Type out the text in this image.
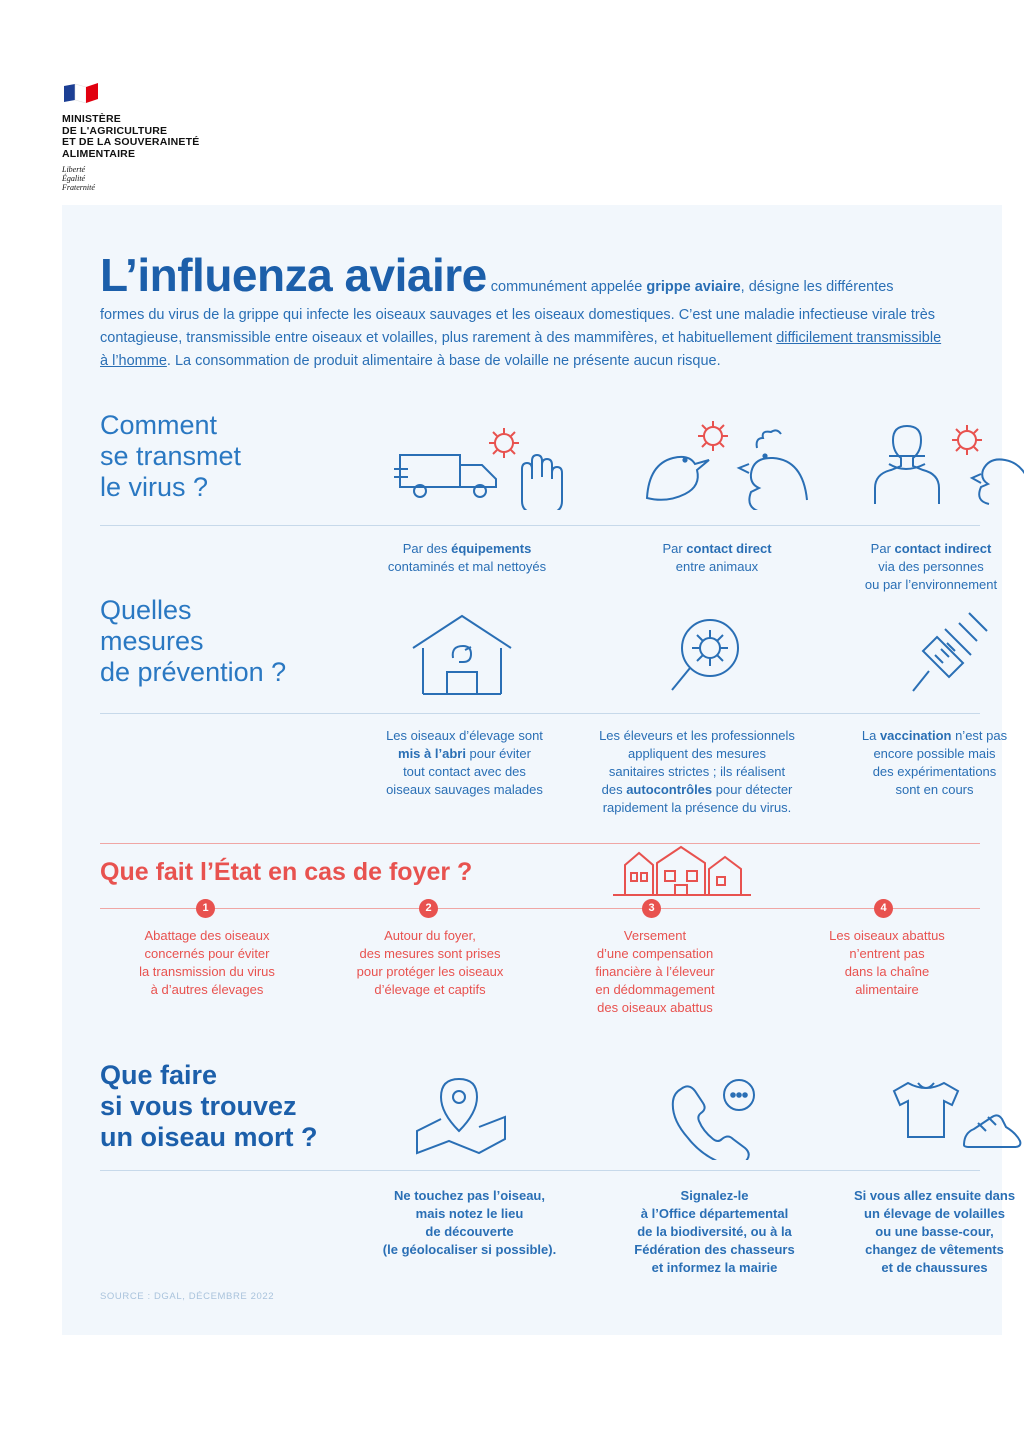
MINISTÈRE
DE L'AGRICULTURE
ET DE LA SOUVERAINETÉ
ALIMENTAIRE
Liberté
Égalité
Fraternité
L’influenza aviaire

communément appelée grippe aviaire, désigne les différentes

formes du virus de la grippe qui infecte les oiseaux sauvages et les oiseaux domestiques. C’est une maladie infectieuse virale très
contagieuse, transmissible entre oiseaux et volailles, plus rarement à des mammifères, et habituellement difficilement transmissible
à l’homme. La consommation de produit alimentaire à base de volaille ne présente aucun risque.
Comment
se transmet
le virus ?
Par des équipements
contaminés et mal nettoyés
Par contact direct
entre animaux
Par contact indirect
via des personnes
ou par l’environnement
Quelles
mesures
de prévention ?
Les oiseaux d’élevage sont
mis à l’abri pour éviter
tout contact avec des
oiseaux sauvages malades
Les éleveurs et les professionnels
appliquent des mesures
sanitaires strictes ; ils réalisent
des autocontrôles pour détecter
rapidement la présence du virus.
La vaccination n’est pas
encore possible mais
des expérimentations
sont en cours
Que fait l’État en cas de foyer ?
1	2	3	4
Abattage des oiseaux
concernés pour éviter
la transmission du virus
à d’autres élevages
Autour du foyer,
des mesures sont prises
pour protéger les oiseaux
d’élevage et captifs
Versement
d’une compensation
financière à l’éleveur
en dédommagement
des oiseaux abattus
Les oiseaux abattus
n’entrent pas
dans la chaîne
alimentaire
Que faire
si vous trouvez
un oiseau mort ?
Ne touchez pas l’oiseau,
mais notez le lieu
de découverte
(le géolocaliser si possible).
Signalez-le
à l’Office départemental
de la biodiversité, ou à la
Fédération des chasseurs
et informez la mairie
Si vous allez ensuite dans
un élevage de volailles
ou une basse-cour,
changez de vêtements
et de chaussures
SOURCE : DGAL, DÉCEMBRE 2022
